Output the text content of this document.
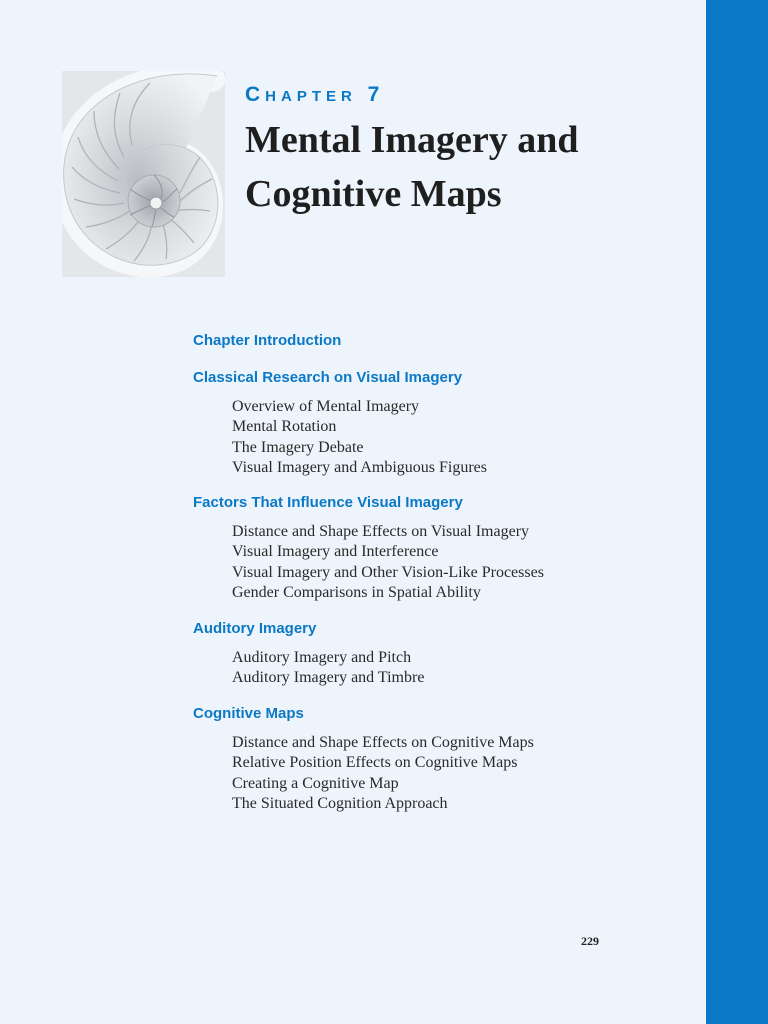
Chapter 7
Mental Imagery and Cognitive Maps
Chapter Introduction
Classical Research on Visual Imagery
Overview of Mental Imagery
Mental Rotation
The Imagery Debate
Visual Imagery and Ambiguous Figures
Factors That Influence Visual Imagery
Distance and Shape Effects on Visual Imagery
Visual Imagery and Interference
Visual Imagery and Other Vision-Like Processes
Gender Comparisons in Spatial Ability
Auditory Imagery
Auditory Imagery and Pitch
Auditory Imagery and Timbre
Cognitive Maps
Distance and Shape Effects on Cognitive Maps
Relative Position Effects on Cognitive Maps
Creating a Cognitive Map
The Situated Cognition Approach

229
